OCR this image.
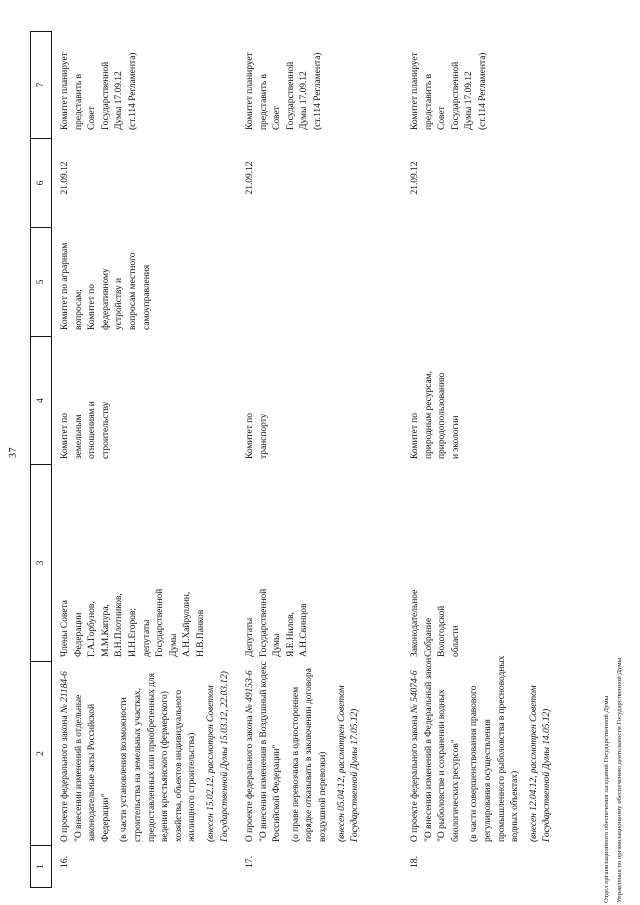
37
1
2
3
4
5
6
7
16.
О проекте федерального закона № 21184-6
"О внесении изменений в отдельные законодательные акты Российской Федерации" (в части установления возможности строительства на земельных участках, предоставленных или приобретенных для ведения крестьянского (фермерского) хозяйства, объектов индивидуального жилищного строительства) (внесен 15.02.12, рассмотрен Советом Государственной Думы 15.03.12, 22.03.12)
Члены Совета Федерации Г.А.Горбунов, М.М.Капура, В.Н.Плотников, И.Н.Егоров; депутаты Государственной Думы А.Н.Хайруллин, Н.В.Панков
Комитет по земельным отношениям и строительству
Комитет по аграрным вопросам; Комитет по федеративному устройству и вопросам местного самоуправления
21.09.12
Комитет планирует представить в Совет Государственной Думы 17.09.12 (ст.114 Регламента)
17.
О проекте федерального закона № 49153-6 "О внесении изменения в Воздушный кодекс Российской Федерации" (о праве перевозчика в одностороннем порядке отказывать в заключении договора воздушной перевозки) (внесен 05.04.12, рассмотрен Советом Государственной Думы 17.05.12)
Депутаты Государственной Думы Я.Е.Нилов, А.Н.Свинцов
Комитет по транспорту
21.09.12
Комитет планирует представить в Совет Государственной Думы 17.09.12 (ст.114 Регламента)
18.
О проекте федерального закона № 54074-6 "О внесении изменений в Федеральный закон "О рыболовстве и сохранении водных биологических ресурсов" (в части совершенствования правового регулирования осуществления промышленного рыболовства в пресноводных водных объектах) (внесен 12.04.12, рассмотрен Советом Государственной Думы 14.05.12)
Законодательное Собрание Вологодской области
Комитет по природным ресурсам, природопользованию и экологии
21.09.12
Комитет планирует представить в Совет Государственной Думы 17.09.12 (ст.114 Регламента)
Отдел организационного обеспечения заседаний Государственной Думы Управления по организационному обеспечению деятельности Государственной Думы
